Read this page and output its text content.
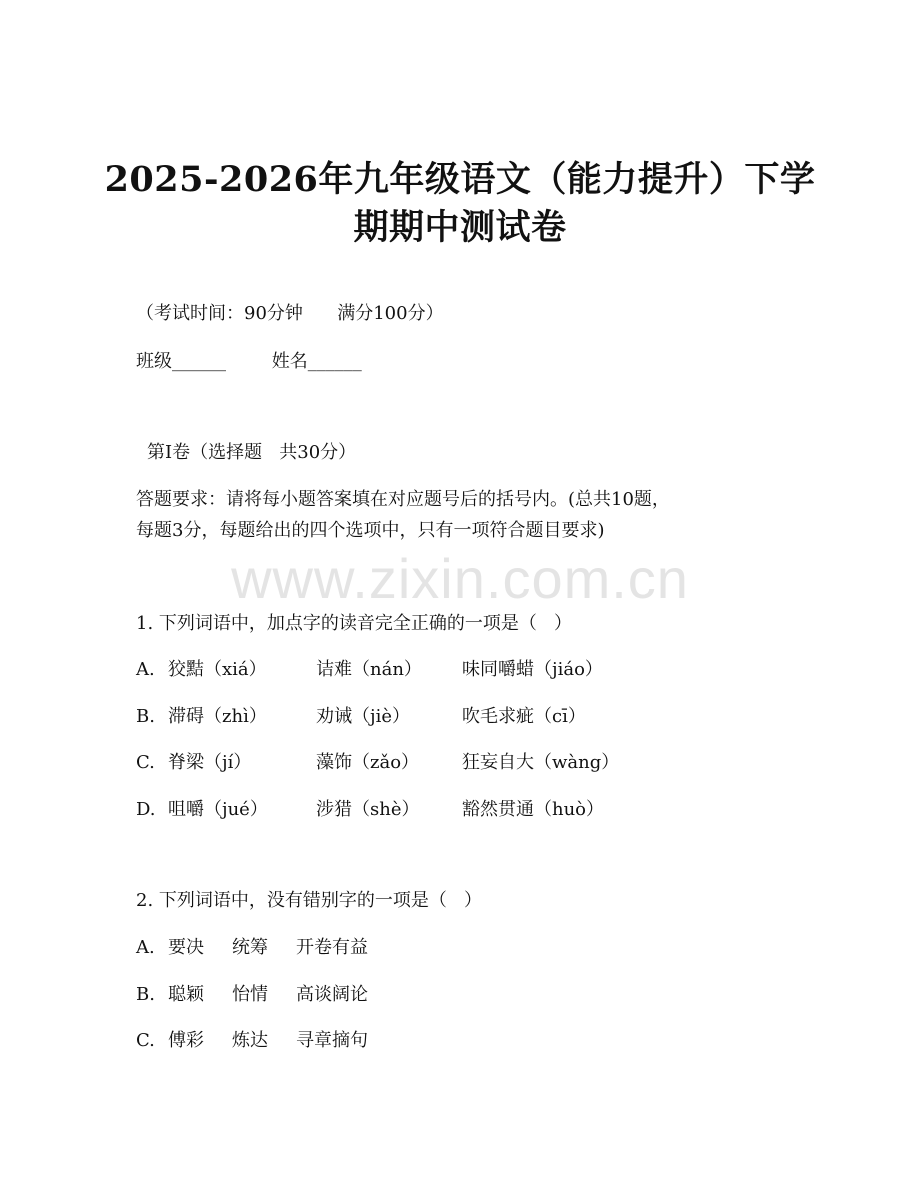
2025-2026年九年级语文（能力提升）下学
期期中测试卷
（考试时间：90分钟      满分100分）
班级______        姓名______
第Ⅰ卷（选择题   共30分）
答题要求：请将每小题答案填在对应题号后的括号内。(总共10题，
每题3分，每题给出的四个选项中，只有一项符合题目要求)
www.zixin.com.cn
1. 下列词语中，加点字的读音完全正确的一项是（   ）
A. 狡黠（xiá）	诘难（nán） 味同嚼蜡（jiáo）
B. 滞碍（zhì）	劝诫（jiè）	吹毛求疵（cī）
C. 脊梁（jí）	藻饰（zǎo） 狂妄自大（wàng）
D. 咀嚼（jué）	涉猎（shè） 豁然贯通（huò）
2. 下列词语中，没有错别字的一项是（   ）
A. 要决 统筹 开卷有益
B. 聪颖 怡情 高谈阔论
C. 傅彩 炼达 寻章摘句
